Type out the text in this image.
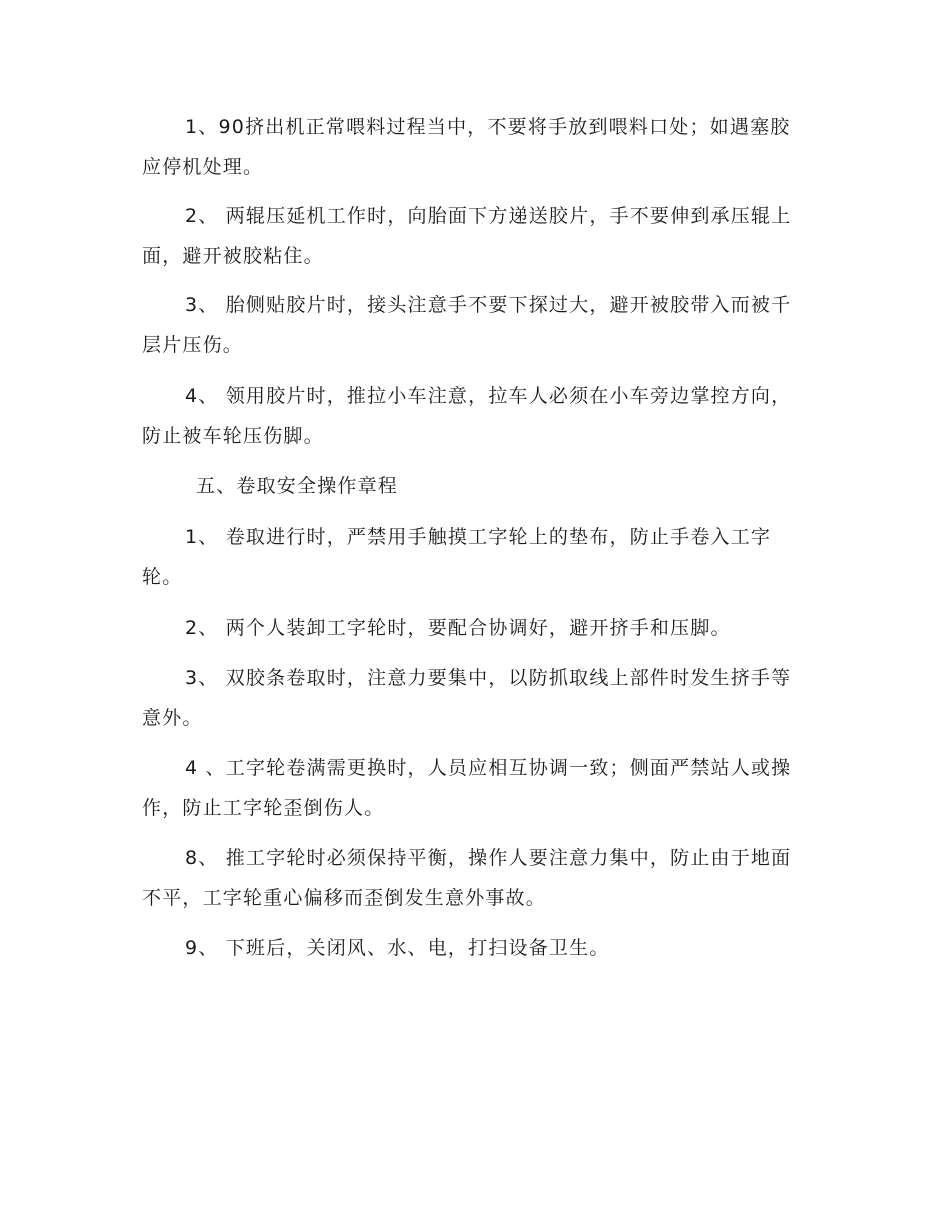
1、90挤出机正常喂料过程当中，不要将手放到喂料口处；如遇塞胶应停机处理。

2、 两辊压延机工作时，向胎面下方递送胶片，手不要伸到承压辊上面，避开被胶粘住。

3、 胎侧贴胶片时，接头注意手不要下探过大，避开被胶带入而被千层片压伤。

4、 领用胶片时，推拉小车注意，拉车人必须在小车旁边掌控方向，防止被车轮压伤脚。

五、卷取安全操作章程

1、 卷取进行时，严禁用手触摸工字轮上的垫布，防止手卷入工字轮。

2、 两个人装卸工字轮时，要配合协调好，避开挤手和压脚。

3、 双胶条卷取时，注意力要集中，以防抓取线上部件时发生挤手等意外。

4 、工字轮卷满需更换时，人员应相互协调一致；侧面严禁站人或操作，防止工字轮歪倒伤人。

8、 推工字轮时必须保持平衡，操作人要注意力集中，防止由于地面不平，工字轮重心偏移而歪倒发生意外事故。

9、 下班后，关闭风、水、电，打扫设备卫生。
